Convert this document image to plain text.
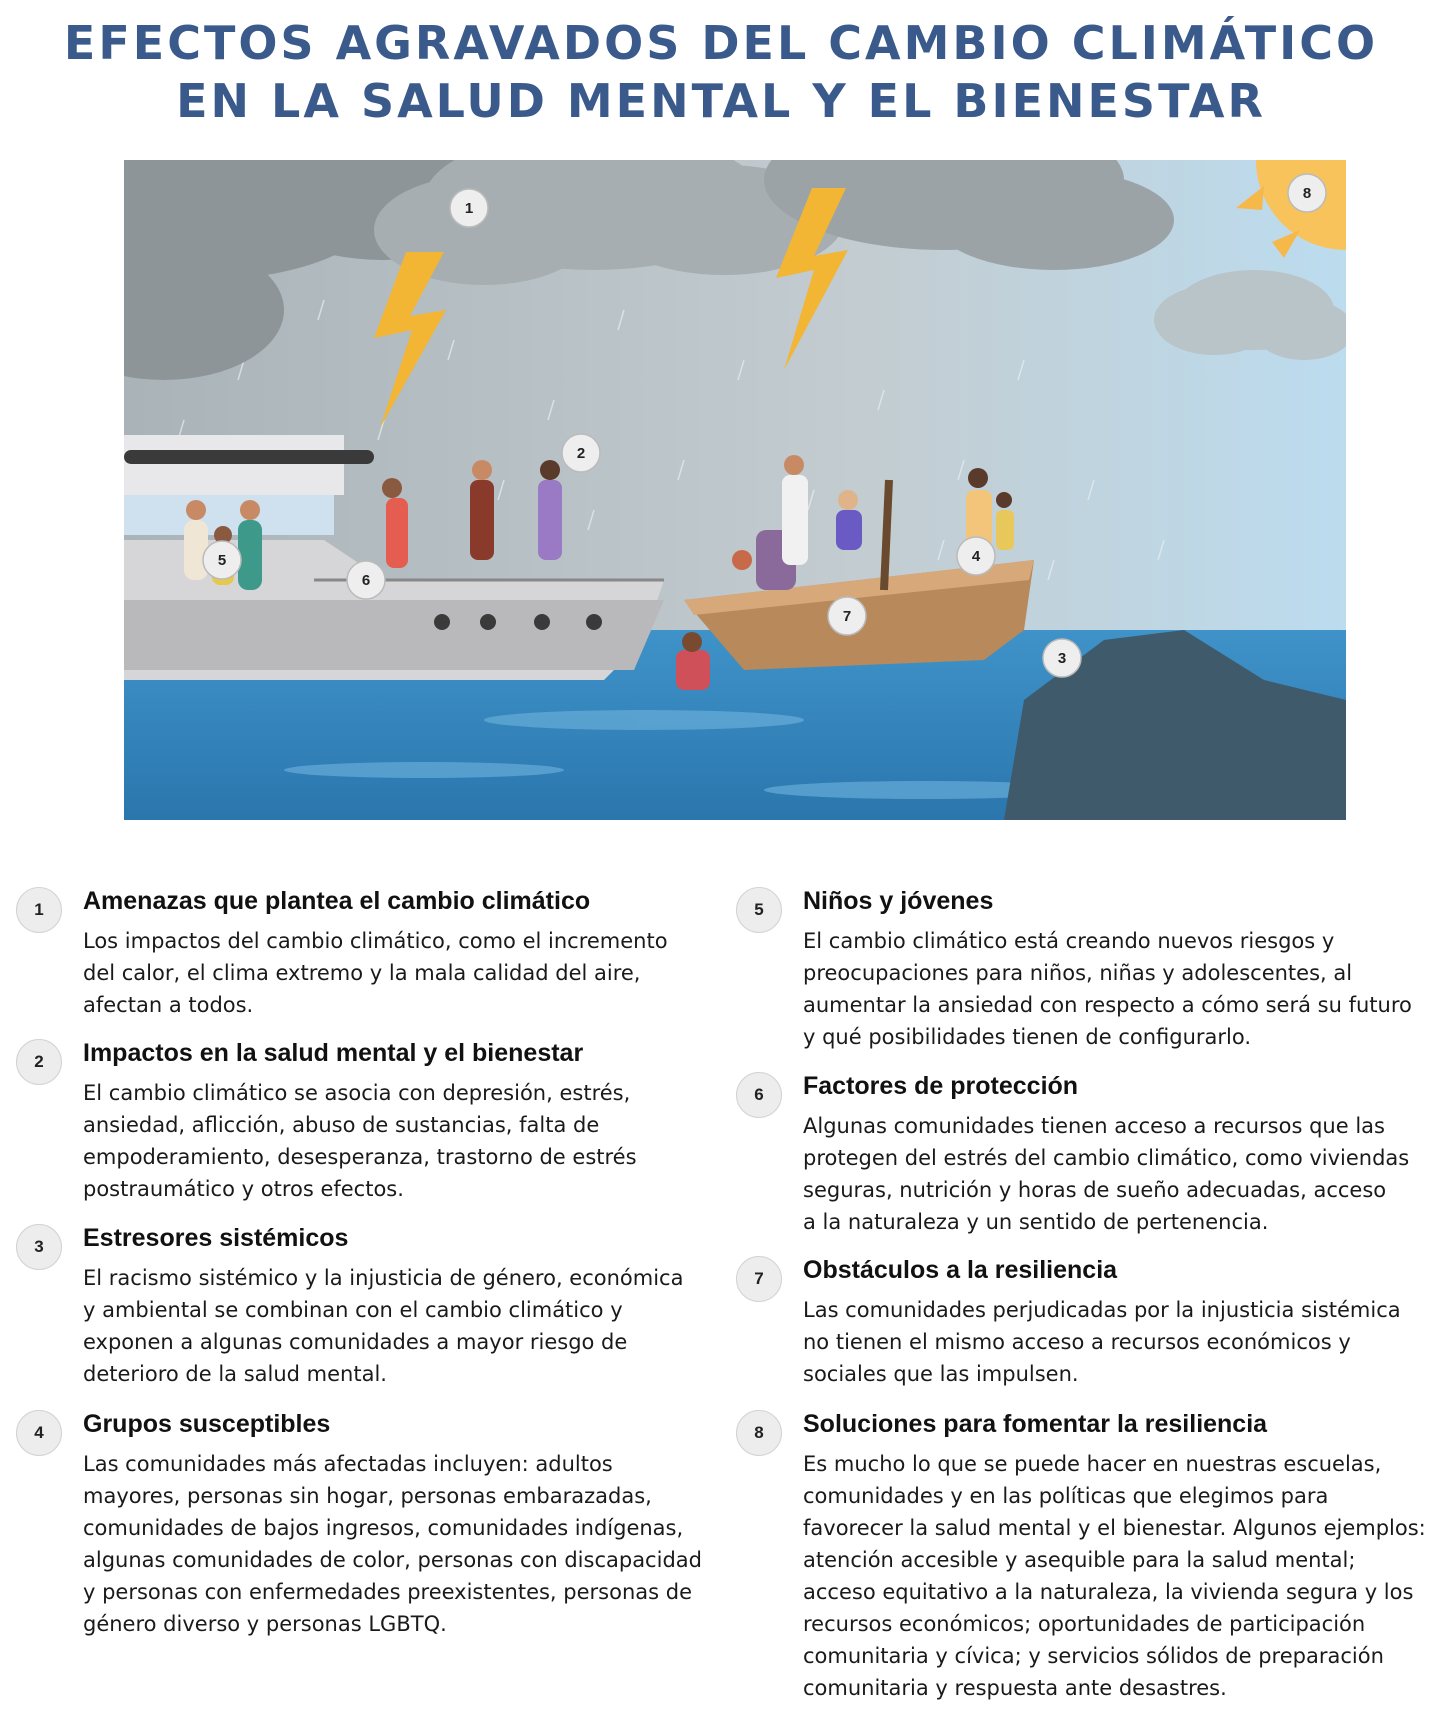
EFECTOS AGRAVADOS DEL CAMBIO CLIMÁTICO
EN LA SALUD MENTAL Y EL BIENESTAR
1
2
3
4
5
6
7
8
1	Amenazas que plantea el cambio climático

Los impactos del cambio climático, como el incremento
del calor, el clima extremo y la mala calidad del aire,
afectan a todos.

2	Impactos en la salud mental y el bienestar

El cambio climático se asocia con depresión, estrés,
ansiedad, aflicción, abuso de sustancias, falta de
empoderamiento, desesperanza, trastorno de estrés
postraumático y otros efectos.

3	Estresores sistémicos

El racismo sistémico y la injusticia de género, económica
y ambiental se combinan con el cambio climático y
exponen a algunas comunidades a mayor riesgo de
deterioro de la salud mental.

4	Grupos susceptibles

Las comunidades más afectadas incluyen: adultos
mayores, personas sin hogar, personas embarazadas,
comunidades de bajos ingresos, comunidades indígenas,
algunas comunidades de color, personas con discapacidad
y personas con enfermedades preexistentes, personas de
género diverso y personas LGBTQ.

5	Niños y jóvenes

El cambio climático está creando nuevos riesgos y
preocupaciones para niños, niñas y adolescentes, al
aumentar la ansiedad con respecto a cómo será su futuro
y qué posibilidades tienen de configurarlo.

6	Factores de protección

Algunas comunidades tienen acceso a recursos que las
protegen del estrés del cambio climático, como viviendas
seguras, nutrición y horas de sueño adecuadas, acceso
a la naturaleza y un sentido de pertenencia.

7	Obstáculos a la resiliencia

Las comunidades perjudicadas por la injusticia sistémica
no tienen el mismo acceso a recursos económicos y
sociales que las impulsen.

8	Soluciones para fomentar la resiliencia

Es mucho lo que se puede hacer en nuestras escuelas,
comunidades y en las políticas que elegimos para
favorecer la salud mental y el bienestar. Algunos ejemplos:
atención accesible y asequible para la salud mental;
acceso equitativo a la naturaleza, la vivienda segura y los
recursos económicos; oportunidades de participación
comunitaria y cívica; y servicios sólidos de preparación
comunitaria y respuesta ante desastres.
